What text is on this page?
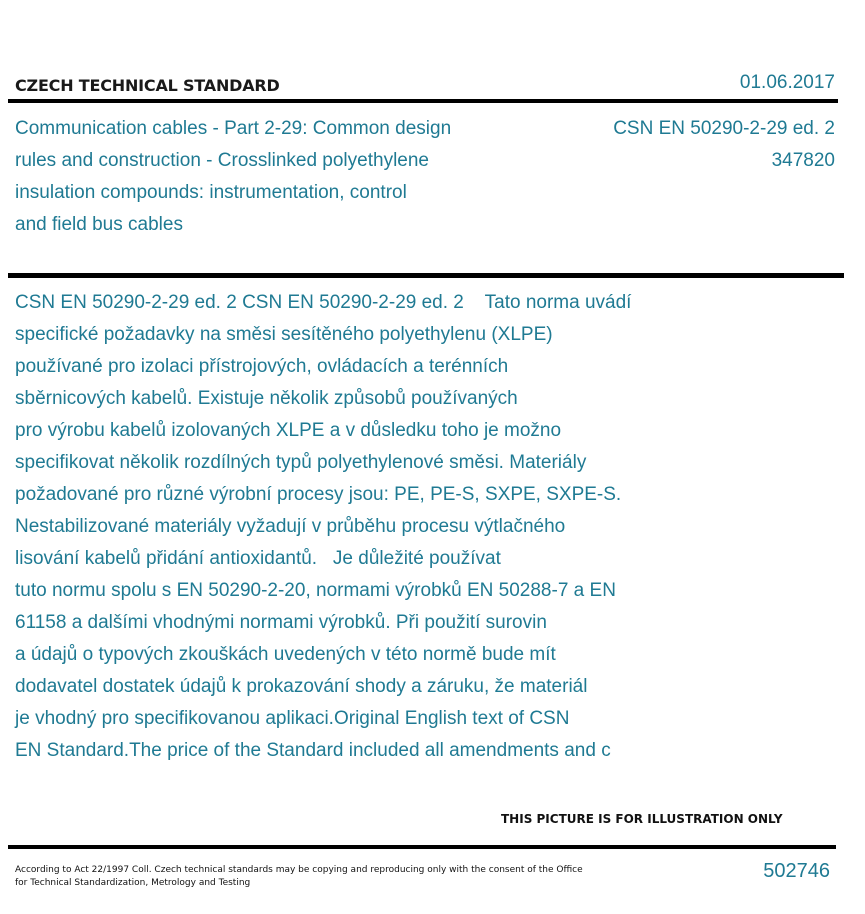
CZECH TECHNICAL STANDARD	01.06.2017
Communication cables - Part 2-29: Common design
rules and construction - Crosslinked polyethylene
insulation compounds: instrumentation, control
and field bus cables
CSN EN 50290-2-29 ed. 2
347820
CSN EN 50290-2-29 ed. 2 CSN EN 50290-2-29 ed. 2    Tato norma uvádí
specifické požadavky na směsi sesítěného polyethylenu (XLPE)
používané pro izolaci přístrojových, ovládacích a terénních
sběrnicových kabelů. Existuje několik způsobů používaných
pro výrobu kabelů izolovaných XLPE a v důsledku toho je možno
specifikovat několik rozdílných typů polyethylenové směsi. Materiály
požadované pro různé výrobní procesy jsou: PE, PE-S, SXPE, SXPE-S.
Nestabilizované materiály vyžadují v průběhu procesu výtlačného
lisování kabelů přidání antioxidantů.   Je důležité používat
tuto normu spolu s EN 50290-2-20, normami výrobků EN 50288-7 a EN
61158 a dalšími vhodnými normami výrobků. Při použití surovin
a údajů o typových zkouškách uvedených v této normě bude mít
dodavatel dostatek údajů k prokazování shody a záruku, že materiál
je vhodný pro specifikovanou aplikaci.Original English text of CSN
EN Standard.The price of the Standard included all amendments and c
THIS PICTURE IS FOR ILLUSTRATION ONLY
According to Act 22/1997 Coll. Czech technical standards may be copying and reproducing only with the consent of the Office
for Technical Standardization, Metrology and Testing
502746
